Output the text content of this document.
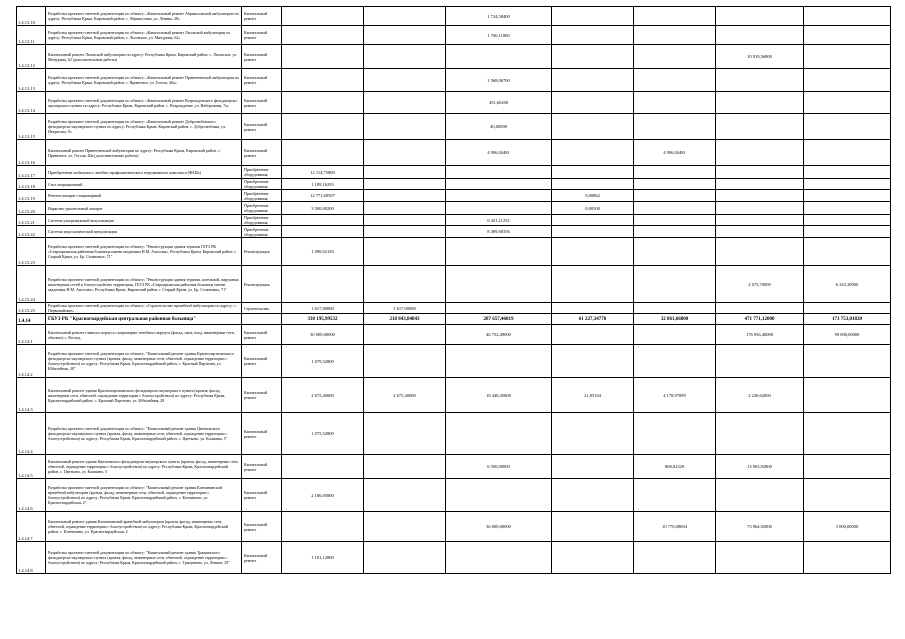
1.4.13.10	Разработка проектно-сметной документации по объекту: «Капитальный ремонт Абрикосовской амбулатории по адресу: Республика Крым, Кировский район, с. Абрикосовка, ул. Ленина, 28»	Капитальный ремонт			1 724,58400				
1.4.13.11	Разработка проектно-сметной документации по объекту: «Капитальный ремонт Льговской амбулатории по адресу: Республика Крым, Кировский район, с. Льговское, ул. Мичурина, 62»	Капитальный ремонт			1 760,11800				
1.4.13.12	Капитальный ремонт Льговской амбулатории по адресу: Республика Крым, Кировский район, с. Льговское, ул. Мичурина, 62 (дополнительные работы)	Капитальный ремонт						10 919,56800	
1.4.13.13	Разработка проектно-сметной документации по объекту: «Капитальный ремонт Приветненской амбулатории по адресу: Республика Крым, Кировский район, с. Приветное, ул. Гоголя, 40а»	Капитальный ремонт			1 568,06700				
1.4.13.14	Разработка проектно-сметной документации по объекту: «Капитальный ремонт Возрожденского фельдшерско-акушерского пункта по адресу: Республика Крым, Кировский район, с. Возрождение, ул. Набережная, 7а»	Капитальный ремонт			451,60200				
1.4.13.15	Разработка проектно-сметной документации по объекту: «Капитальный ремонт Добролюбовского фельдшерско-акушерского пункта по адресу: Республика Крым, Кировский район, с. Добролюбовка, ул. Некрасова, 9»	Капитальный ремонт			40,00000				
1.4.13.16	Капитальный ремонт Приветненской амбулатории по адресу: Республика Крым, Кировский район, с. Приветное, ул. Гоголя, 40а (дополнительные работы)	Капитальный ремонт			4 986,84481		4 986,84481		
1.4.13.17	Приобретение мобильного лечебно-профилактического передвижного комплекса (ФАПа)	Приобретение оборудования	12 114,75800						
1.4.13.18	Стол операционный	Приобретение оборудования	1 189,16293						
1.4.13.19	Рентген аппарат стационарный	Приобретение оборудования	12 771,60507			0,00862			
1.4.13.20	Наркозно-дыхательный аппарат	Приобретение оборудования	3 500,00200			0,00500			
1.4.13.21	Система ультразвуковой визуализации	Приобретение оборудования			6 451,11252				
1.4.13.22	Система эндоскопической визуализации	Приобретение оборудования			8 499,68356				
1.4.13.23	Разработка проектно-сметной документации по объекту: "Реконструкция здания терапии ГБУЗ РК «Старокрымская районная больница имени академика Н.М. Амосова», Республика Крым, Кировский район, г. Старый Крым, ул. Бр. Стояновых, 71"	Реконструкция	1 090,02150						
1.4.13.24	Разработка проектно-сметной документации по объекту: "Реконструкция здания терапии, котельной, наружных инженерных сетей и благоустройство территории, ГБУЗ РК «Старокрымская районная больница имени академика Н.М. Амосова», Республика Крым, Кировский район, г. Старый Крым, ул. Бр. Стояновых, 71"	Реконструкция						2 675,70000	6 243,30000
1.4.13.25	Разработка проектно-сметной документации по объекту: «Строительство врачебной амбулатории по адресу: с. Первомайское»	Строительство	1 617,00000	1 617,00000					
1.4.14	ГБУЗ РК "Красногвардейская центральная районная больница"		330 195,99532	218 843,84843	287 657,46819	61 227,34770	32 861,66800	471 771,12000	171 753,01820
1.4.14.1	Капитальный ремонт главного корпуса стационарно-лечебного корпуса (фасад, окна, вход, инженерные сети, объекты) с. Восход	Капитальный ремонт	30 000,00000		46 752,49000			176 956,48000	99 000,00000
1.4.14.2	Разработка проектно-сметной документации по объекту: "Капитальный ремонт здания Краснопартизанского фельдшерско-акушерского пункта (кровля, фасад, инженерные сети, обвесной, ограждение территории с благоустройством) по адресу: Республика Крым, Красногвардейский район, с. Красный Партизан, ул. Юбилейная, 28"	Капитальный ремонт	1 079,52800						
1.4.14.3	Капитальный ремонт здания Краснопартизанского фельдшерско-акушерского пункта (кровля, фасад, инженерные сети, обвесной, ограждение территории с благоустройством) по адресу: Республика Крым, Красногвардейский район, с. Красный Партизан, ул. Юбилейная, 28	Капитальный ремонт	2 675,40000	2 675,40000	18 448,45800	21,85104	4 178,97899	2 230,62000	
1.4.14.4	Разработка проектно-сметной документации по объекту: "Капитальный ремонт здания Цветковского фельдшерско-акушерского пункта (кровля, фасад, инженерные сети, обвесной, ограждение территории с благоустройством) по адресу: Республика Крым, Красногвардейский район, с. Цветково, ул. Кошкина, 5"	Капитальный ремонт	1 075,52800						
1.4.14.5	Капитальный ремонт здания Цветковского фельдшерско-акушерского пункта (кровля, фасад, инженерные сети, обвесной, ограждение территории с благоустройством) по адресу: Республика Крым, Красногвардейский район, с. Цветково, ул. Кошкина, 5	Капитальный ремонт			6 500,00000		868,02329	13 963,92800	
1.4.14.6	Разработка проектно-сметной документации по объекту: "Капитальный ремонт здания Клепининской врачебной амбулатории (кровля, фасад, инженерные сети, обвесной, ограждение территории с благоустройством) по адресу: Республика Крым, Красногвардейский район, с. Клепинино, ул. Красногвардейская, 2"	Капитальный ремонт	2 186,05800						
1.4.14.7	Капитальный ремонт здания Клепининской врачебной амбулатории (кровля, фасад, инженерные сети, обвесной, ограждение территории с благоустройством) по адресу: Республика Крым, Красногвардейский район, с. Клепинино, ул. Красногвардейская, 2	Капитальный ремонт			36 000,00000		10 770,08694	73 964,92800	3 000,00000
1.4.14.8	Разработка проектно-сметной документации по объекту: "Капитальный ремонт здания Тращинского фельдшерско-акушерского пункта (кровля, фасад, инженерные сети, обвесной, ограждение территории с благоустройством) по адресу: Республика Крым, Красногвардейский район, с. Тращиново, ул. Ленина, 29"	Капитальный ремонт	1 101,12800						
